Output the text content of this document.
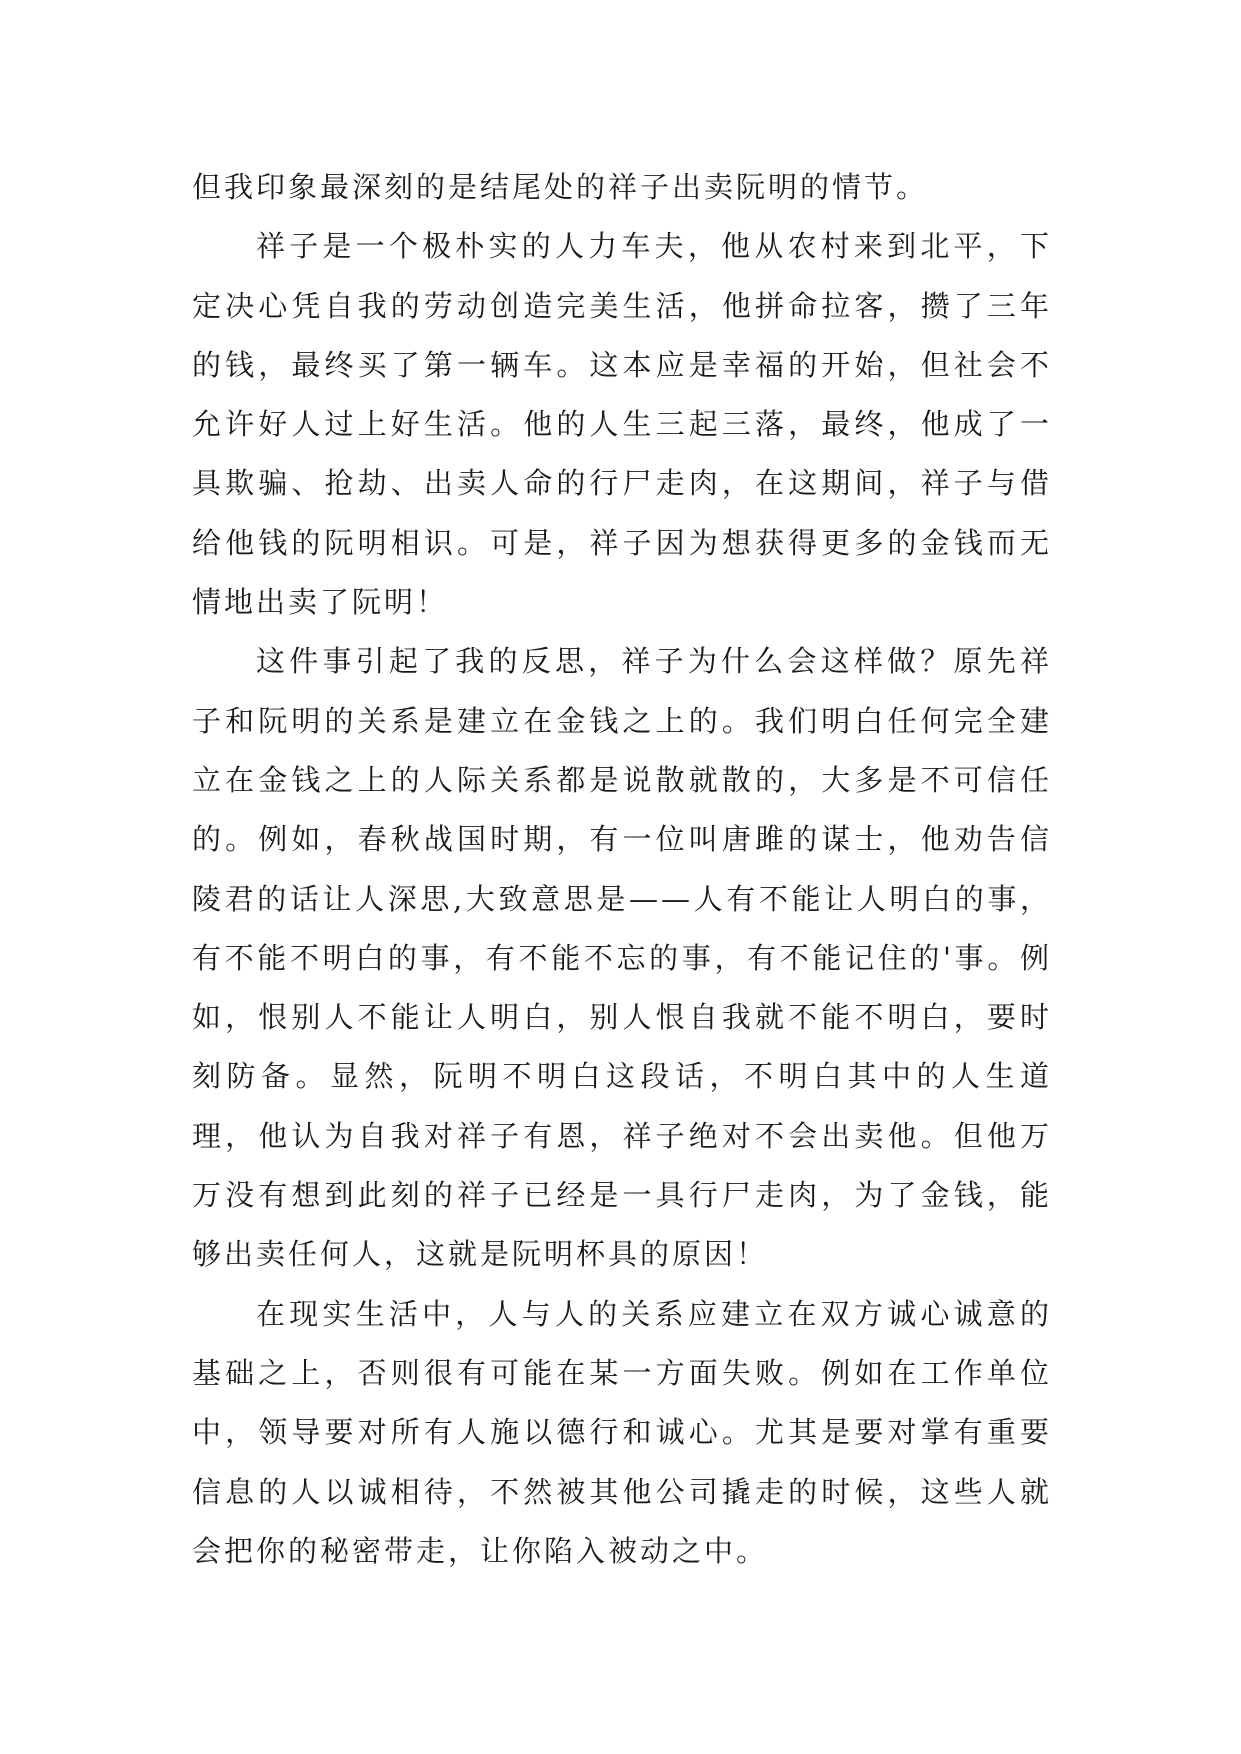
但我印象最深刻的是结尾处的祥子出卖阮明的情节。

祥子是一个极朴实的人力车夫，他从农村来到北平，下定决心凭自我的劳动创造完美生活，他拼命拉客，攒了三年的钱，最终买了第一辆车。这本应是幸福的开始，但社会不允许好人过上好生活。他的人生三起三落，最终，他成了一具欺骗、抢劫、出卖人命的行尸走肉，在这期间，祥子与借给他钱的阮明相识。可是，祥子因为想获得更多的金钱而无情地出卖了阮明！

这件事引起了我的反思，祥子为什么会这样做？原先祥子和阮明的关系是建立在金钱之上的。我们明白任何完全建立在金钱之上的人际关系都是说散就散的，大多是不可信任的。例如，春秋战国时期，有一位叫唐雎的谋士，他劝告信陵君的话让人深思,大致意思是——人有不能让人明白的事，有不能不明白的事，有不能不忘的事，有不能记住的'事。例如，恨别人不能让人明白，别人恨自我就不能不明白，要时刻防备。显然，阮明不明白这段话，不明白其中的人生道理，他认为自我对祥子有恩，祥子绝对不会出卖他。但他万万没有想到此刻的祥子已经是一具行尸走肉，为了金钱，能够出卖任何人，这就是阮明杯具的原因！

在现实生活中，人与人的关系应建立在双方诚心诚意的基础之上，否则很有可能在某一方面失败。例如在工作单位中，领导要对所有人施以德行和诚心。尤其是要对掌有重要信息的人以诚相待，不然被其他公司撬走的时候，这些人就会把你的秘密带走，让你陷入被动之中。
